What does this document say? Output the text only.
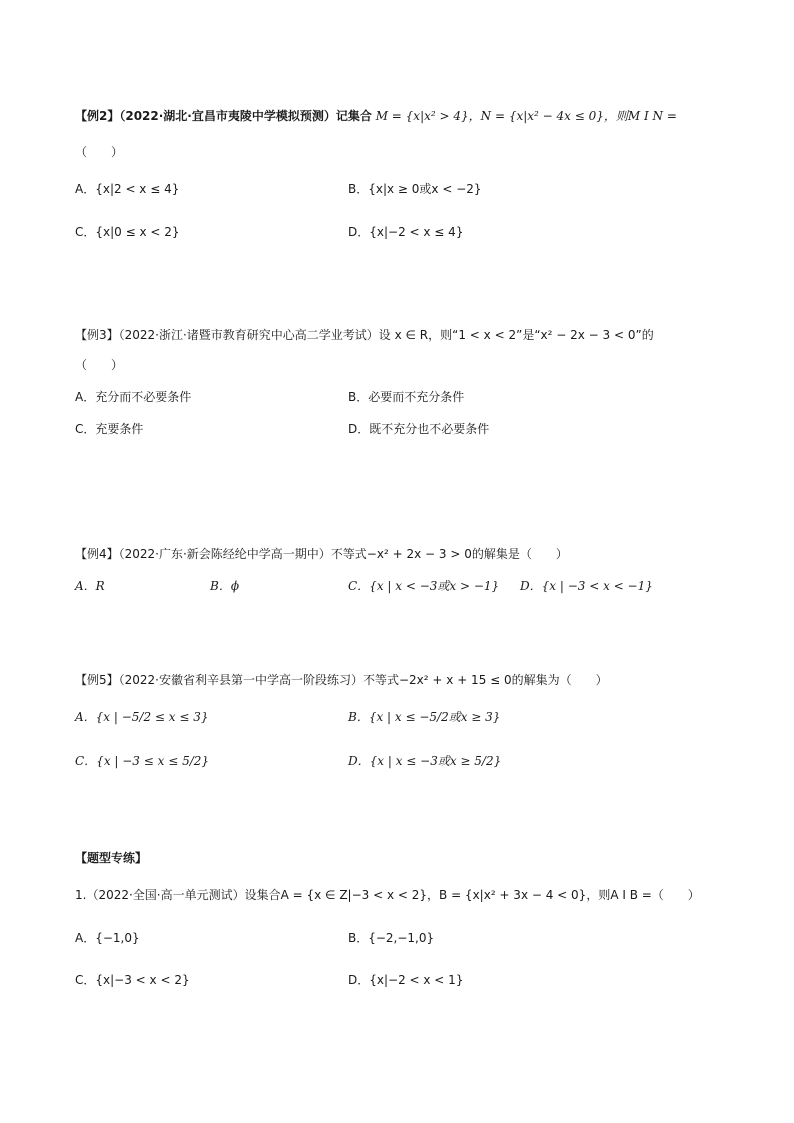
【例2】（2022·湖北·宜昌市夷陵中学模拟预测）记集合 M = {x|x² > 4}，N = {x|x² − 4x ≤ 0}，则M I N =
（　　）
A．{x|2 < x ≤ 4}	B．{x|x ≥ 0或x < −2}
C．{x|0 ≤ x < 2}	D．{x|−2 < x ≤ 4}
【例3】（2022·浙江·诸暨市教育研究中心高二学业考试）设 x ∈ R，则“1 < x < 2”是“x² − 2x − 3 < 0”的
（　　）
A．充分而不必要条件	B．必要而不充分条件
C．充要条件	D．既不充分也不必要条件
【例4】（2022·广东·新会陈经纶中学高一期中）不等式−x² + 2x − 3 > 0的解集是（　　）
A．R	B．ϕ	C．{x | x < −3或x > −1} D．{x | −3 < x < −1}
【例5】（2022·安徽省利辛县第一中学高一阶段练习）不等式−2x² + x + 15 ≤ 0的解集为（　　）
A．{x | −5/2 ≤ x ≤ 3}	B．{x | x ≤ −5/2或x ≥ 3}
C．{x | −3 ≤ x ≤ 5/2}	D．{x | x ≤ −3或x ≥ 5/2}
【题型专练】
1.（2022·全国·高一单元测试）设集合A = {x ∈ Z|−3 < x < 2}，B = {x|x² + 3x − 4 < 0}，则A I B =（　　）
A．{−1,0}	B．{−2,−1,0}
C．{x|−3 < x < 2}	D．{x|−2 < x < 1}
